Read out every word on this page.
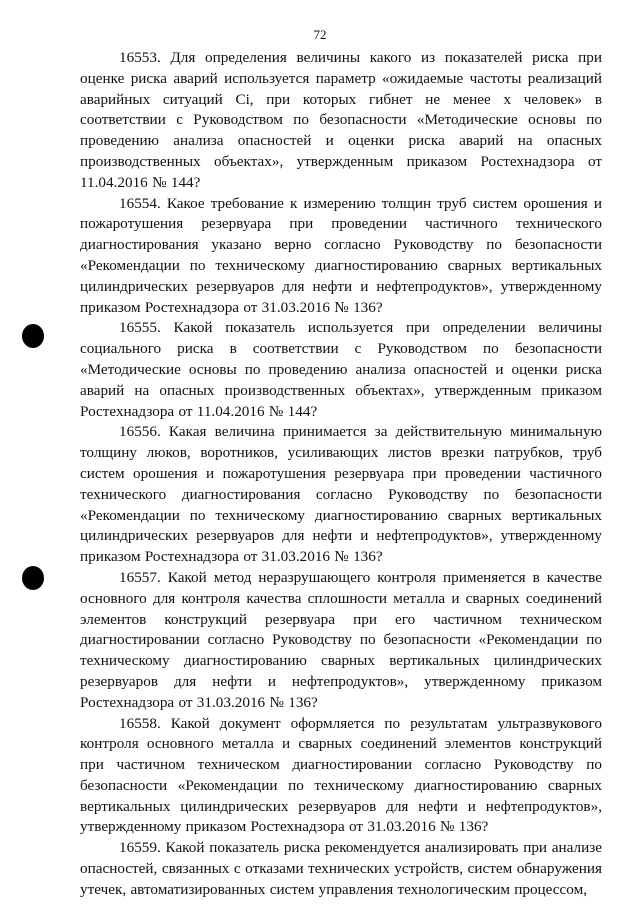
72

16553. Для определения величины какого из показателей риска при оценке риска аварий используется параметр «ожидаемые частоты реализаций аварийных ситуаций Ci, при которых гибнет не менее х человек» в соответствии с Руководством по безопасности «Методические основы по проведению анализа опасностей и оценки риска аварий на опасных производственных объектах», утвержденным приказом Ростехнадзора от 11.04.2016 № 144?

16554. Какое требование к измерению толщин труб систем орошения и пожаротушения резервуара при проведении частичного технического диагностирования указано верно согласно Руководству по безопасности «Рекомендации по техническому диагностированию сварных вертикальных цилиндрических резервуаров для нефти и нефтепродуктов», утвержденному приказом Ростехнадзора от 31.03.2016 № 136?

16555. Какой показатель используется при определении величины социального риска в соответствии с Руководством по безопасности «Методические основы по проведению анализа опасностей и оценки риска аварий на опасных производственных объектах», утвержденным приказом Ростехнадзора от 11.04.2016 № 144?

16556. Какая величина принимается за действительную минимальную толщину люков, воротников, усиливающих листов врезки патрубков, труб систем орошения и пожаротушения резервуара при проведении частичного технического диагностирования согласно Руководству по безопасности «Рекомендации по техническому диагностированию сварных вертикальных цилиндрических резервуаров для нефти и нефтепродуктов», утвержденному приказом Ростехнадзора от 31.03.2016 № 136?

16557. Какой метод неразрушающего контроля применяется в качестве основного для контроля качества сплошности металла и сварных соединений элементов конструкций резервуара при его частичном техническом диагностировании согласно Руководству по безопасности «Рекомендации по техническому диагностированию сварных вертикальных цилиндрических резервуаров для нефти и нефтепродуктов», утвержденному приказом Ростехнадзора от 31.03.2016 № 136?

16558. Какой документ оформляется по результатам ультразвукового контроля основного металла и сварных соединений элементов конструкций при частичном техническом диагностировании согласно Руководству по безопасности «Рекомендации по техническому диагностированию сварных вертикальных цилиндрических резервуаров для нефти и нефтепродуктов», утвержденному приказом Ростехнадзора от 31.03.2016 № 136?

16559. Какой показатель риска рекомендуется анализировать при анализе опасностей, связанных с отказами технических устройств, систем обнаружения утечек, автоматизированных систем управления технологическим процессом,
